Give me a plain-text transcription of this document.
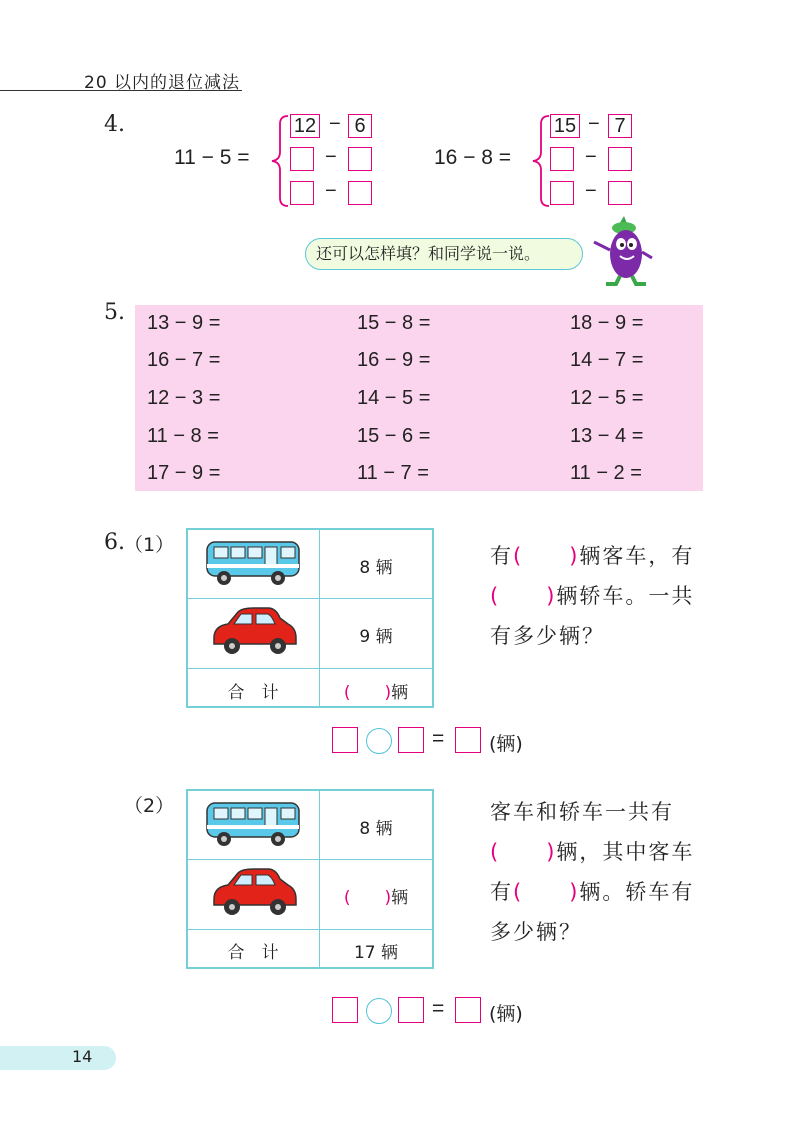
20 以内的退位减法
4.
11 − 5 =
12 − 6
−
−
16 − 8 =
15 − 7
−
−
还可以怎样填？和同学说一说。
5. 13 − 9 =	15 − 8 =	18 − 9 =
16 − 7 =	16 − 9 =	14 − 7 =
12 − 3 =	14 − 5 =	12 − 5 =
11 − 8 =	15 − 6 =	13 − 4 =
17 − 9 =	11 − 7 =	11 − 2 =
6. （1）
8 辆
9 辆
合　计	(　　)辆
有(　　)辆客车，有
(　　)辆轿车。一共
有多少辆？
= (辆)
（2）
8 辆
(　　)辆
合　计	17 辆
客车和轿车一共有
(　　)辆，其中客车
有(　　)辆。轿车有
多少辆？
= (辆)
14
